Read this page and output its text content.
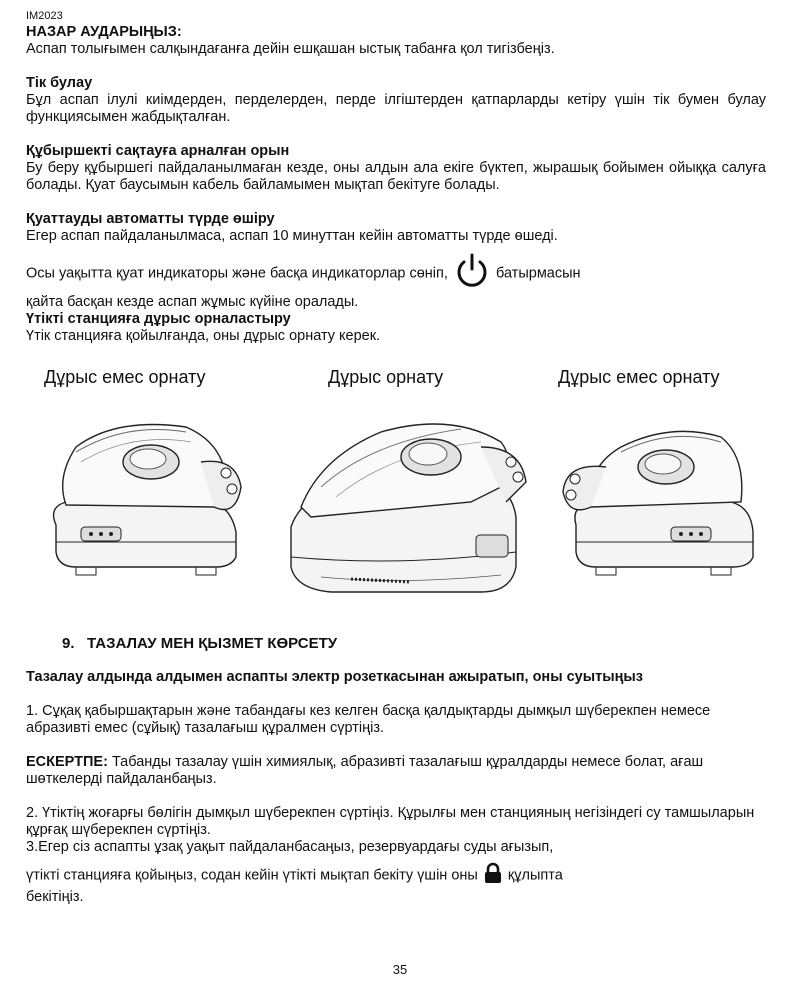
IM2023
НАЗАР АУДАРЫҢЫЗ:
Аспап толығымен салқындағанға дейін ешқашан ыстық табанға қол тигізбеңіз.
Тік булау
Бұл аспап ілулі киімдерден, перделерден, перде ілгіштерден қатпарларды кетіру үшін тік бумен булау функциясымен жабдықталған.
Құбыршекті сақтауға арналған орын
Бу беру құбыршегі пайдаланылмаған кезде, оны алдын ала екіге бүктеп, жырашық бойымен ойыққа салуға болады. Қуат баусымын кабель байламымен мықтап бекітуге болады.
Қуаттауды автоматты түрде өшіру
Егер аспап пайдаланылмаса, аспап 10 минуттан кейін автоматты түрде өшеді.
Осы уақытта қуат индикаторы және басқа индикаторлар сөніп,	батырмасын
қайта басқан кезде аспап жұмыс күйіне оралады.
Үтікті станцияға дұрыс орналастыру
Үтік станцияға қойылғанда, оны дұрыс орнату керек.
Дұрыс емес орнату	Дұрыс орнату	Дұрыс емес орнату
9. ТАЗАЛАУ МЕН ҚЫЗМЕТ КӨРСЕТУ
Тазалау алдында алдымен аспапты электр розеткасынан ажыратып, оны суытыңыз
1. Сұқақ қабыршақтарын және табандағы кез келген басқа қалдықтарды дымқыл шүберекпен немесе абразивті емес (сұйық) тазалағыш құралмен сүртіңіз.
ЕСКЕРТПЕ: Табанды тазалау үшін химиялық, абразивті тазалағыш құралдарды немесе болат, ағаш шөткелерді пайдаланбаңыз.
2. Үтіктің жоғарғы бөлігін дымқыл шүберекпен сүртіңіз. Құрылғы мен станцияның негізіндегі су тамшыларын құрғақ шүберекпен сүртіңіз.
3.Егер сіз аспапты ұзақ уақыт пайдаланбасаңыз, резервуардағы суды ағызып,
үтікті станцияға қойыңыз, содан кейін үтікті мықтап бекіту үшін оны құлыпта
бекітіңіз.
35
